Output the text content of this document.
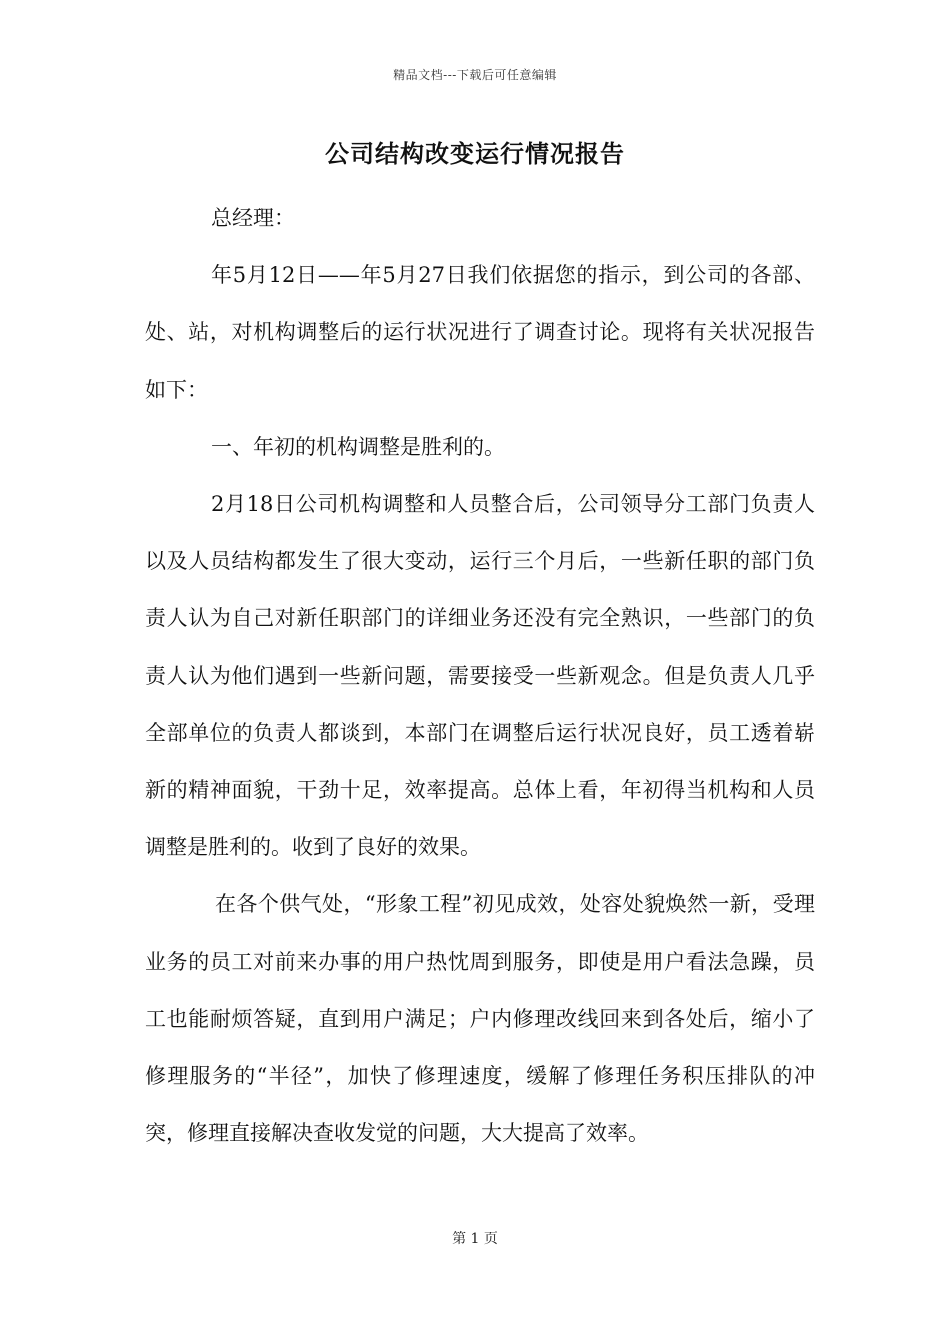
精品文档---下载后可任意编辑
公司结构改变运行情况报告

总经理：

年5月12日——年5月27日我们依据您的指示，到公司的各部、处、站，对机构调整后的运行状况进行了调查讨论。现将有关状况报告如下：

一、年初的机构调整是胜利的。

2月18日公司机构调整和人员整合后，公司领导分工部门负责人以及人员结构都发生了很大变动，运行三个月后，一些新任职的部门负责人认为自己对新任职部门的详细业务还没有完全熟识，一些部门的负责人认为他们遇到一些新问题，需要接受一些新观念。但是负责人几乎全部单位的负责人都谈到，本部门在调整后运行状况良好，员工透着崭新的精神面貌，干劲十足，效率提高。总体上看，年初得当机构和人员调整是胜利的。收到了良好的效果。

在各个供气处，“形象工程”初见成效，处容处貌焕然一新，受理业务的员工对前来办事的用户热忱周到服务，即使是用户看法急躁，员工也能耐烦答疑，直到用户满足；户内修理改线回来到各处后，缩小了修理服务的“半径”，加快了修理速度，缓解了修理任务积压排队的冲突，修理直接解决查收发觉的问题，大大提高了效率。

第 1 页
